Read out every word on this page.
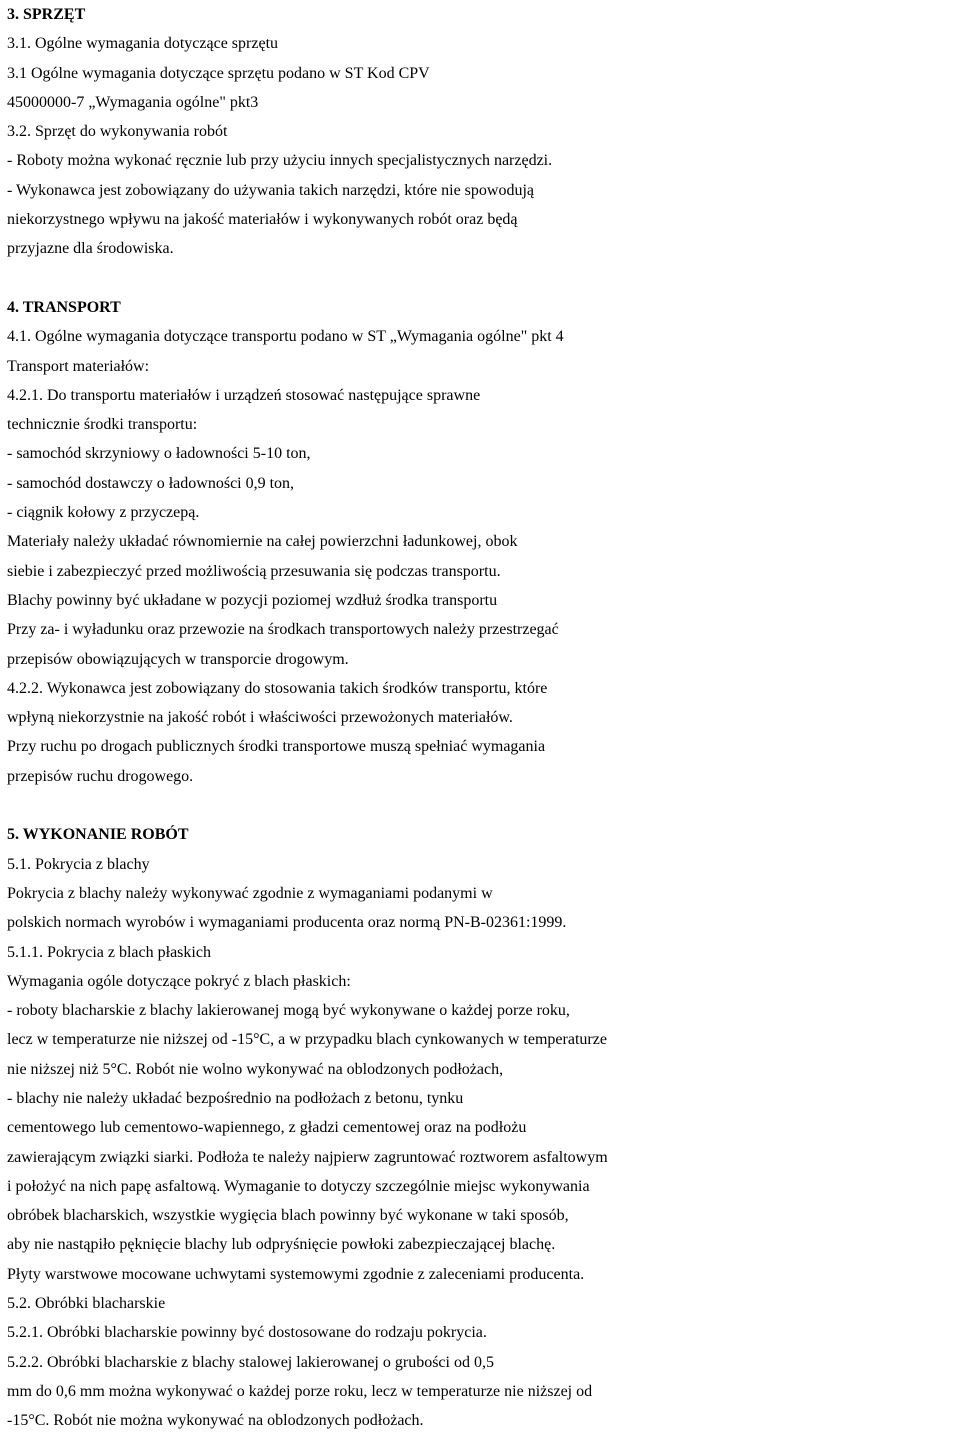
3. SPRZĘT
3.1. Ogólne wymagania dotyczące sprzętu
3.1 Ogólne wymagania dotyczące sprzętu podano w ST Kod CPV
45000000-7 „Wymagania ogólne" pkt3
3.2. Sprzęt do wykonywania robót
- Roboty można wykonać ręcznie lub przy użyciu innych specjalistycznych narzędzi.
- Wykonawca jest zobowiązany do używania takich narzędzi, które nie spowodują
niekorzystnego wpływu na jakość materiałów i wykonywanych robót oraz będą
przyjazne dla środowiska.
4. TRANSPORT
4.1. Ogólne wymagania dotyczące transportu podano w ST „Wymagania ogólne" pkt 4
Transport materiałów:
4.2.1. Do transportu materiałów i urządzeń stosować następujące sprawne
technicznie środki transportu:
- samochód skrzyniowy o ładowności 5-10 ton,
- samochód dostawczy o ładowności 0,9 ton,
- ciągnik kołowy z przyczepą.
Materiały należy układać równomiernie na całej powierzchni ładunkowej, obok
siebie i zabezpieczyć przed możliwością przesuwania się podczas transportu.
Blachy powinny być układane w pozycji poziomej wzdłuż środka transportu
Przy za- i wyładunku oraz przewozie na środkach transportowych należy przestrzegać
przepisów obowiązujących w transporcie drogowym.
4.2.2. Wykonawca jest zobowiązany do stosowania takich środków transportu, które
wpłyną niekorzystnie na jakość robót i właściwości przewożonych materiałów.
Przy ruchu po drogach publicznych środki transportowe muszą spełniać wymagania
przepisów ruchu drogowego.
5. WYKONANIE ROBÓT
5.1. Pokrycia z blachy
Pokrycia z blachy należy wykonywać zgodnie z wymaganiami podanymi w
polskich normach wyrobów i wymaganiami producenta oraz normą PN-B-02361:1999.
5.1.1. Pokrycia z blach płaskich
Wymagania ogóle dotyczące pokryć z blach płaskich:
- roboty blacharskie z blachy lakierowanej mogą być wykonywane o każdej porze roku,
lecz w temperaturze nie niższej od -15°C, a w przypadku blach cynkowanych w temperaturze
nie niższej niż 5°C. Robót nie wolno wykonywać na oblodzonych podłożach,
- blachy nie należy układać bezpośrednio na podłożach z betonu, tynku
cementowego lub cementowo-wapiennego, z gładzi cementowej oraz na podłożu
zawierającym związki siarki. Podłoża te należy najpierw zagruntować roztworem asfaltowym
i położyć na nich papę asfaltową. Wymaganie to dotyczy szczególnie miejsc wykonywania
obróbek blacharskich, wszystkie wygięcia blach powinny być wykonane w taki sposób,
aby nie nastąpiło pęknięcie blachy lub odpryśnięcie powłoki zabezpieczającej blachę.
Płyty warstwowe mocowane uchwytami systemowymi zgodnie z zaleceniami producenta.
5.2. Obróbki blacharskie
5.2.1. Obróbki blacharskie powinny być dostosowane do rodzaju pokrycia.
5.2.2. Obróbki blacharskie z blachy stalowej lakierowanej o grubości od 0,5
mm do 0,6 mm można wykonywać o każdej porze roku, lecz w temperaturze nie niższej od
-15°C. Robót nie można wykonywać na oblodzonych podłożach.
